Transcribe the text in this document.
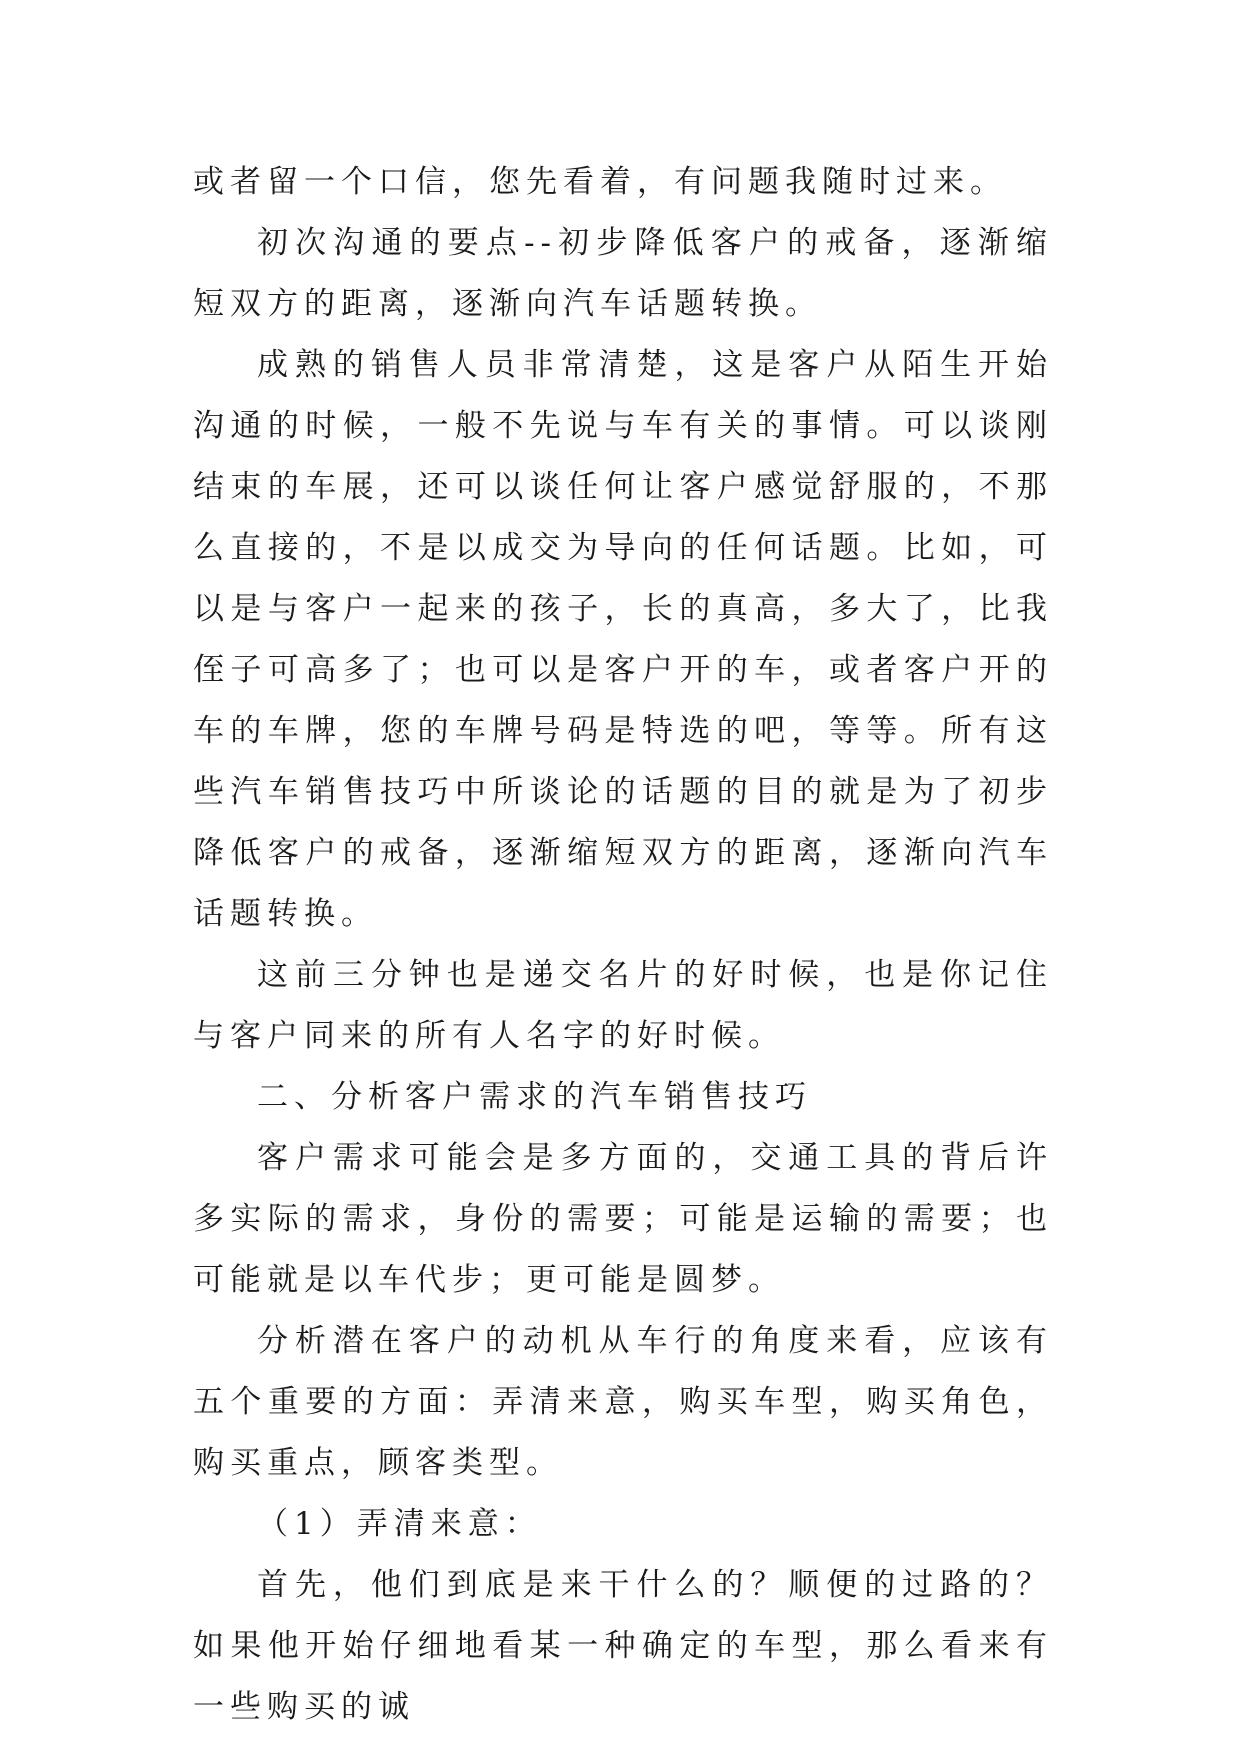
或者留一个口信，您先看着，有问题我随时过来。

初次沟通的要点--初步降低客户的戒备，逐渐缩短双方的距离，逐渐向汽车话题转换。

成熟的销售人员非常清楚，这是客户从陌生开始沟通的时候，一般不先说与车有关的事情。可以谈刚结束的车展，还可以谈任何让客户感觉舒服的，不那么直接的，不是以成交为导向的任何话题。比如，可以是与客户一起来的孩子，长的真高，多大了，比我侄子可高多了；也可以是客户开的车，或者客户开的车的车牌，您的车牌号码是特选的吧，等等。所有这些汽车销售技巧中所谈论的话题的目的就是为了初步降低客户的戒备，逐渐缩短双方的距离，逐渐向汽车话题转换。

这前三分钟也是递交名片的好时候，也是你记住与客户同来的所有人名字的好时候。

二、分析客户需求的汽车销售技巧

客户需求可能会是多方面的，交通工具的背后许多实际的需求，身份的需要；可能是运输的需要；也可能就是以车代步；更可能是圆梦。

分析潜在客户的动机从车行的角度来看，应该有五个重要的方面：弄清来意，购买车型，购买角色，购买重点，顾客类型。

（1）弄清来意：

首先，他们到底是来干什么的？顺便的过路的？如果他开始仔细地看某一种确定的车型，那么看来有一些购买的诚
